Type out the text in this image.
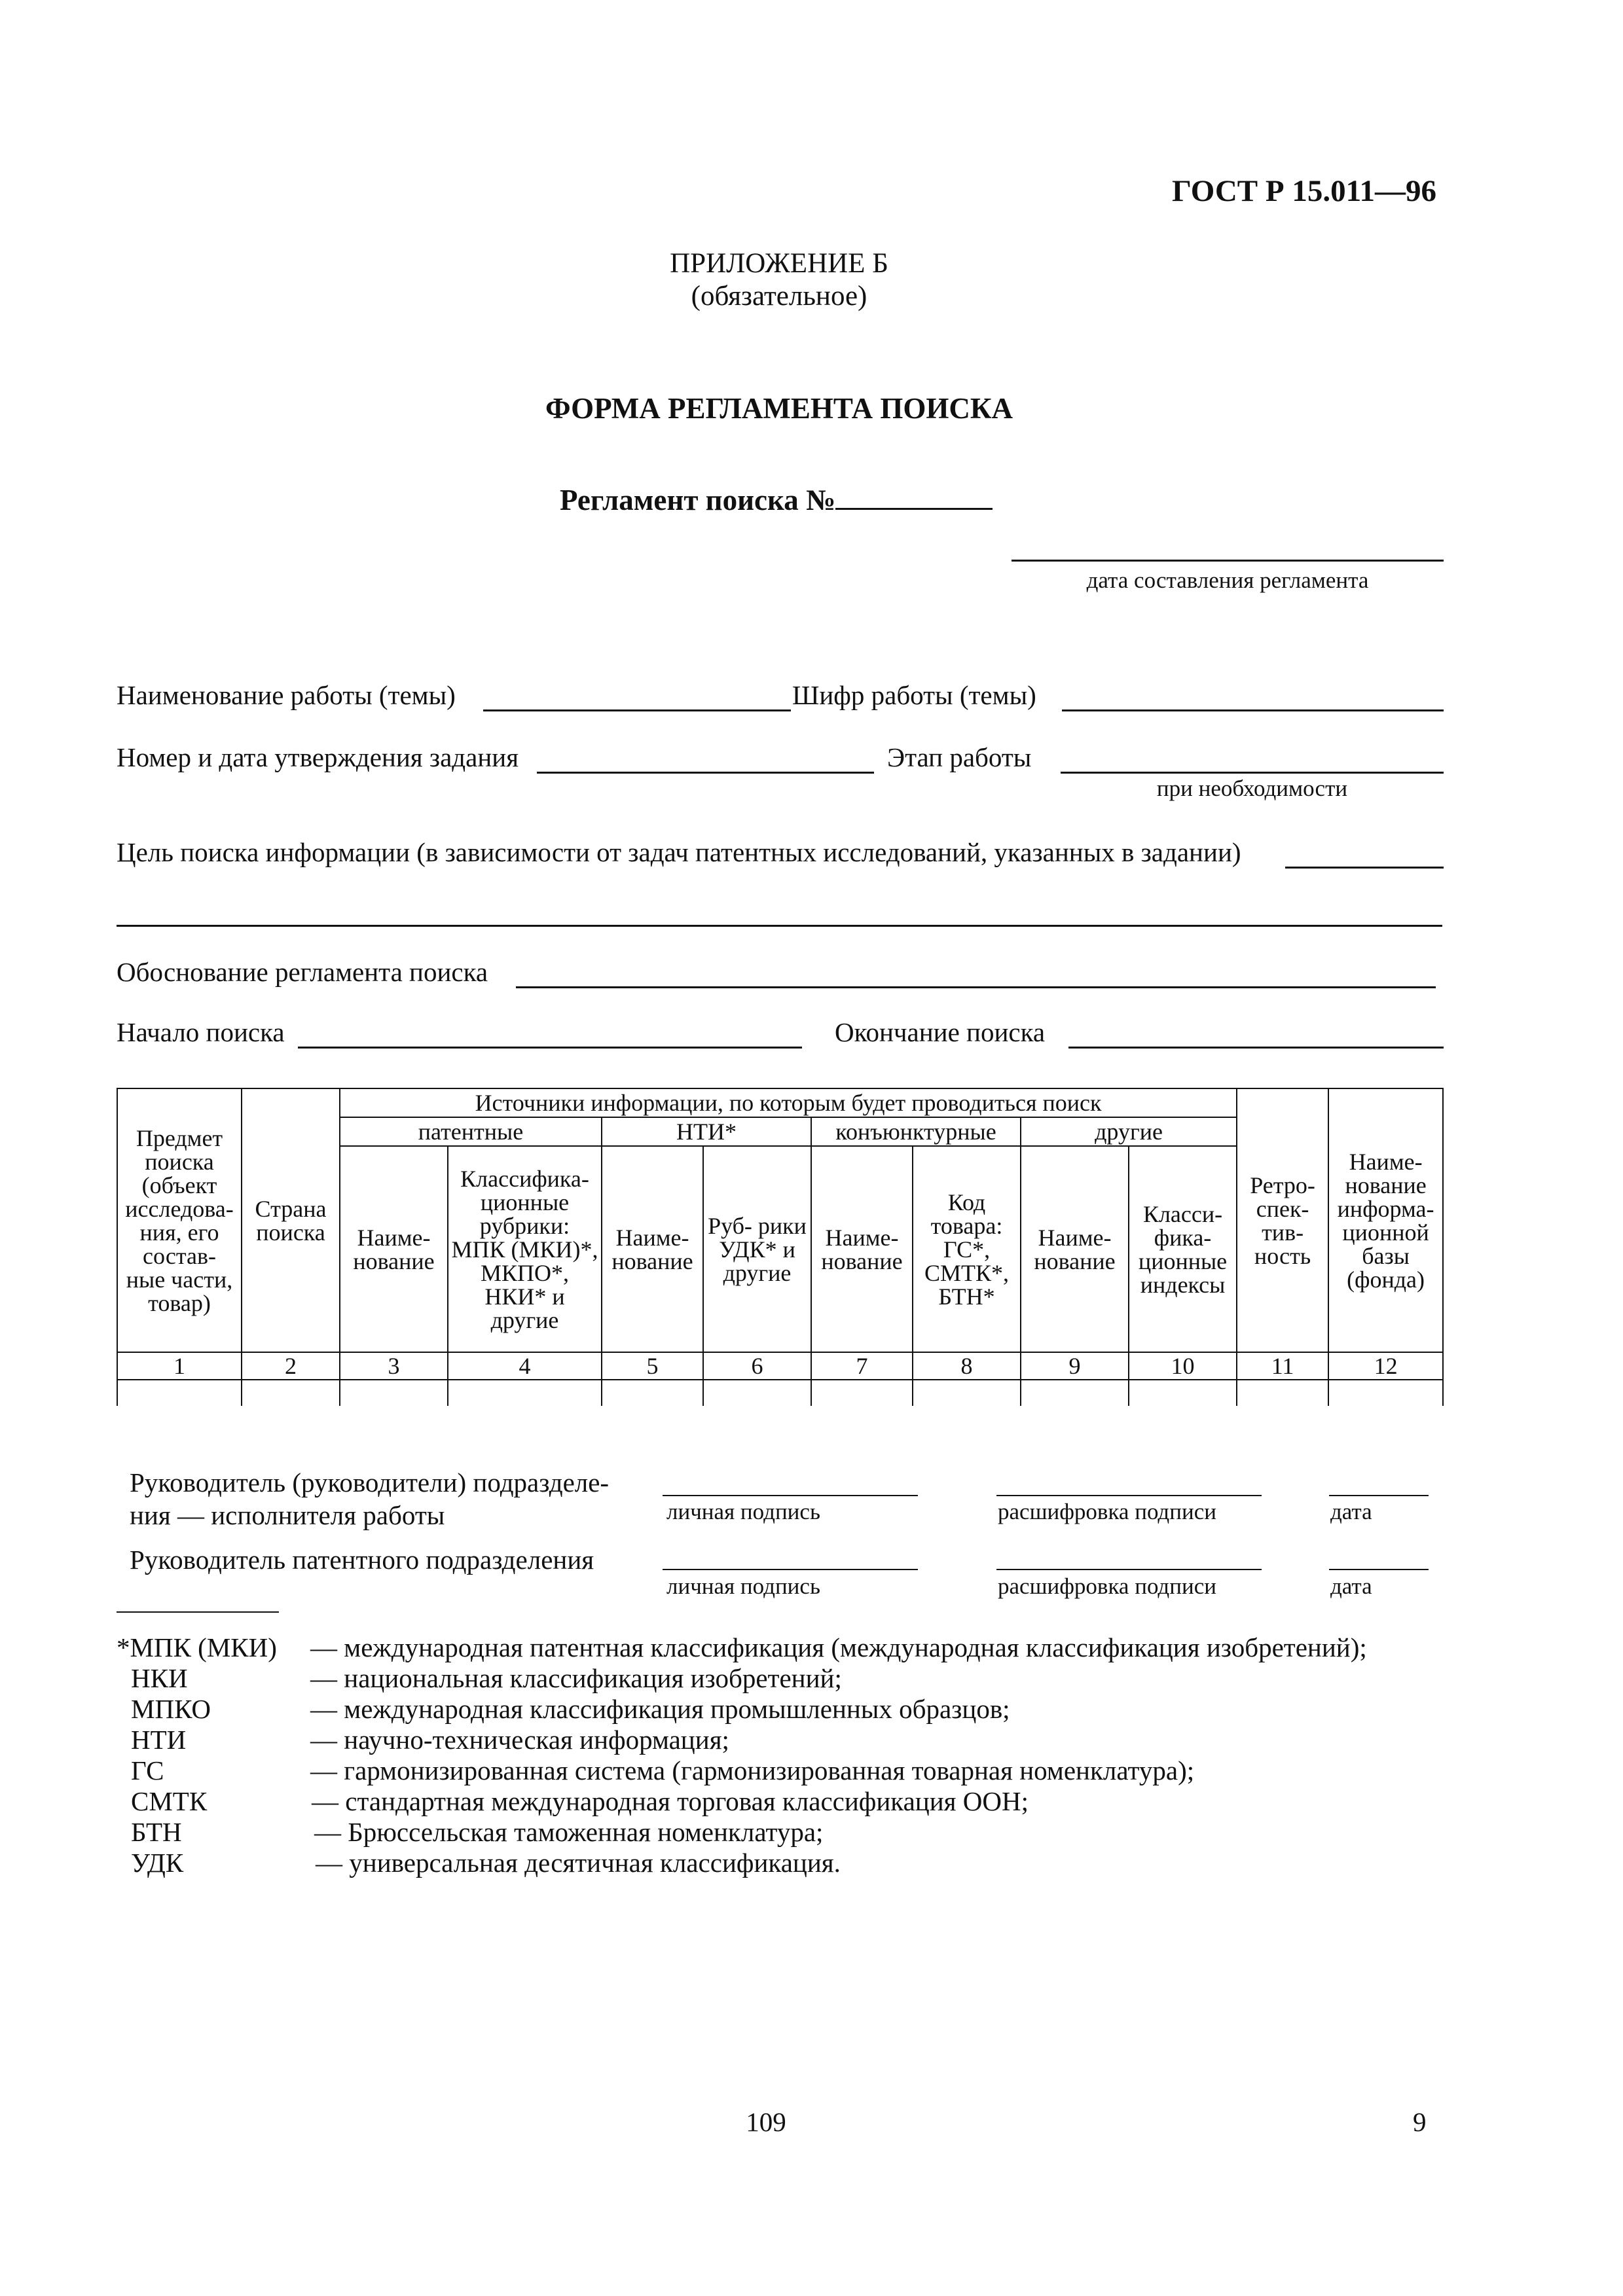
ГОСТ Р 15.011—96
ПРИЛОЖЕНИЕ Б
(обязательное)
ФОРМА РЕГЛАМЕНТА ПОИСКА
Регламент поиска №
дата составления регламента
Наименование работы (темы)	Шифр работы (темы)
Номер и дата утверждения задания	Этап работы
при необходимости
Цель поиска информации (в зависимости от задач патентных исследований, указанных в задании)
Обоснование регламента поиска
Начало поиска	Окончание поиска
Предмет поиска (объект исследова- ния, его состав- ные части, товар)	Страна поиска	Источники информации, по которым будет проводиться поиск								Ретро- спек- тив- ность	Наиме- нование информа- ционной базы (фонда)
		патентные		НТИ*		конъюнктурные		другие			
		Наиме- нование	Классифика- ционные рубрики: МПК (МКИ)*, МКПО*, НКИ* и другие	Наиме- нование	Руб- рики УДК* и другие	Наиме- нование	Код товара: ГС*, СМТК*, БТН*	Наиме- нование	Класси- фика- ционные индексы		
1	2	3	4	5	6	7	8	9	10	11	12

Руководитель (руководители) подразделе- ния — исполнителя работы	личная подпись	расшифровка подписи	дата
Руководитель патентного подразделения
личная подпись	расшифровка подписи	дата
*МПК (МКИ) — международная патентная классификация (международная классификация изобретений);
НКИ	— национальная классификация изобретений;
МПКО	— международная классификация промышленных образцов;
НТИ	— научно-техническая информация;
ГС	— гармонизированная система (гармонизированная товарная номенклатура);
СМТК	— стандартная международная торговая классификация ООН;
БТН	— Брюссельская таможенная номенклатура;
УДК	— универсальная десятичная классификация.
109	9
